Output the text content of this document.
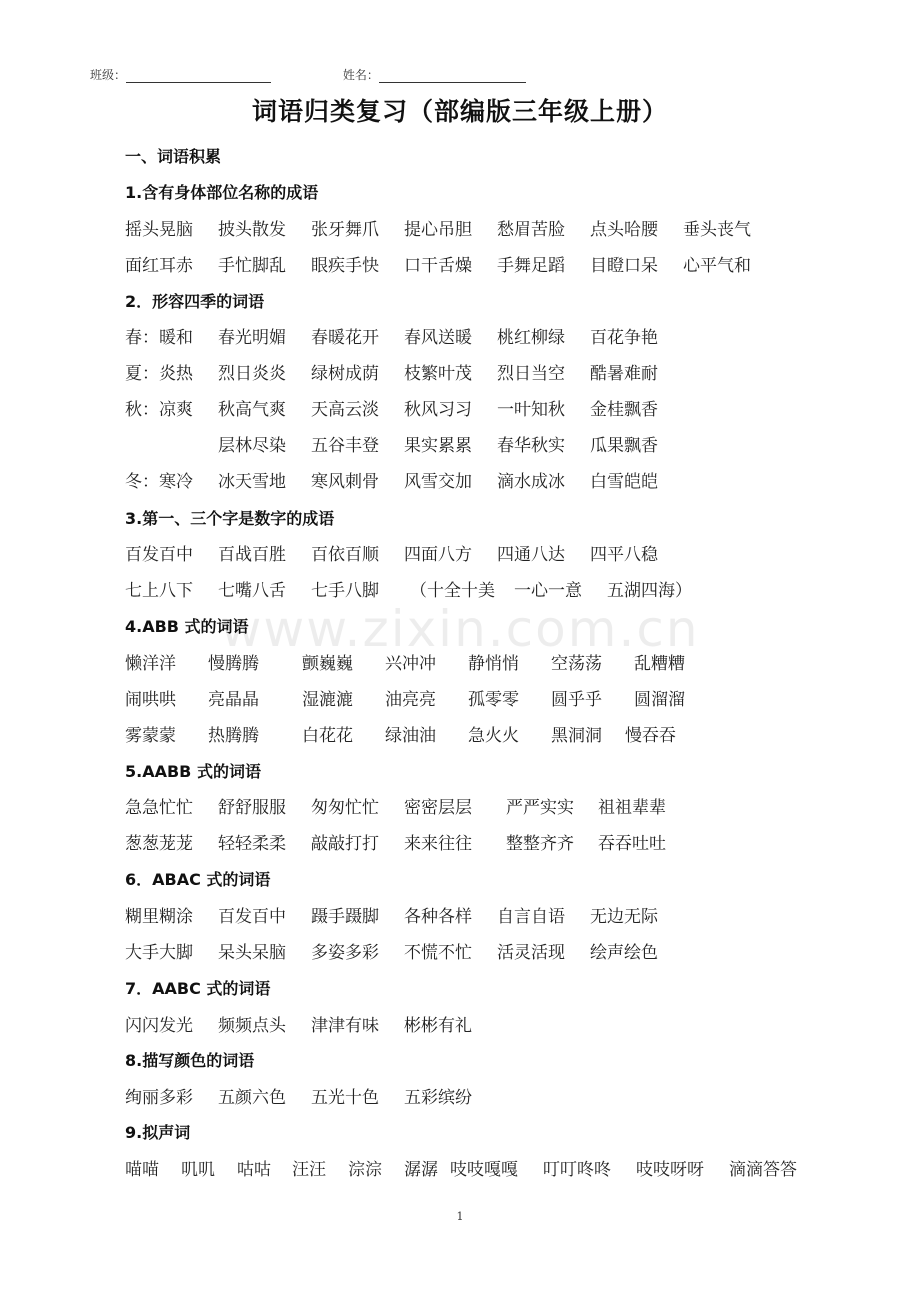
班级：	姓名：
词语归类复习（部编版三年级上册）
一、词语积累
1.含有身体部位名称的成语
摇头晃脑 披头散发 张牙舞爪 提心吊胆 愁眉苦脸 点头哈腰 垂头丧气
面红耳赤 手忙脚乱 眼疾手快 口干舌燥 手舞足蹈 目瞪口呆 心平气和
2．形容四季的词语
春：暖和 春光明媚 春暖花开 春风送暖 桃红柳绿 百花争艳
夏：炎热 烈日炎炎 绿树成荫 枝繁叶茂 烈日当空 酷暑难耐
秋：凉爽 秋高气爽 天高云淡 秋风习习 一叶知秋 金桂飘香
层林尽染 五谷丰登 果实累累 春华秋实 瓜果飘香
冬：寒冷 冰天雪地 寒风刺骨 风雪交加 滴水成冰 白雪皑皑
3.第一、三个字是数字的成语
百发百中 百战百胜 百依百顺 四面八方 四通八达 四平八稳
七上八下 七嘴八舌 七手八脚 （十全十美 一心一意 五湖四海）
4.ABB 式的词语
懒洋洋 慢腾腾	颤巍巍 兴冲冲 静悄悄 空荡荡 乱糟糟
闹哄哄 亮晶晶	湿漉漉 油亮亮 孤零零 圆乎乎 圆溜溜
雾蒙蒙 热腾腾	白花花 绿油油 急火火 黑洞洞 慢吞吞
5.AABB 式的词语
急急忙忙 舒舒服服 匆匆忙忙 密密层层 严严实实 祖祖辈辈
葱葱茏茏 轻轻柔柔 敲敲打打 来来往往 整整齐齐 吞吞吐吐
6．ABAC 式的词语
糊里糊涂 百发百中 蹑手蹑脚 各种各样 自言自语 无边无际
大手大脚 呆头呆脑 多姿多彩 不慌不忙 活灵活现 绘声绘色
7．AABC 式的词语
闪闪发光 频频点头 津津有味 彬彬有礼
8.描写颜色的词语
绚丽多彩 五颜六色 五光十色 五彩缤纷
9.拟声词
喵喵 叽叽 咕咕 汪汪 淙淙 潺潺 吱吱嘎嘎 叮叮咚咚 吱吱呀呀 滴滴答答
www.zixin.com.cn
1
